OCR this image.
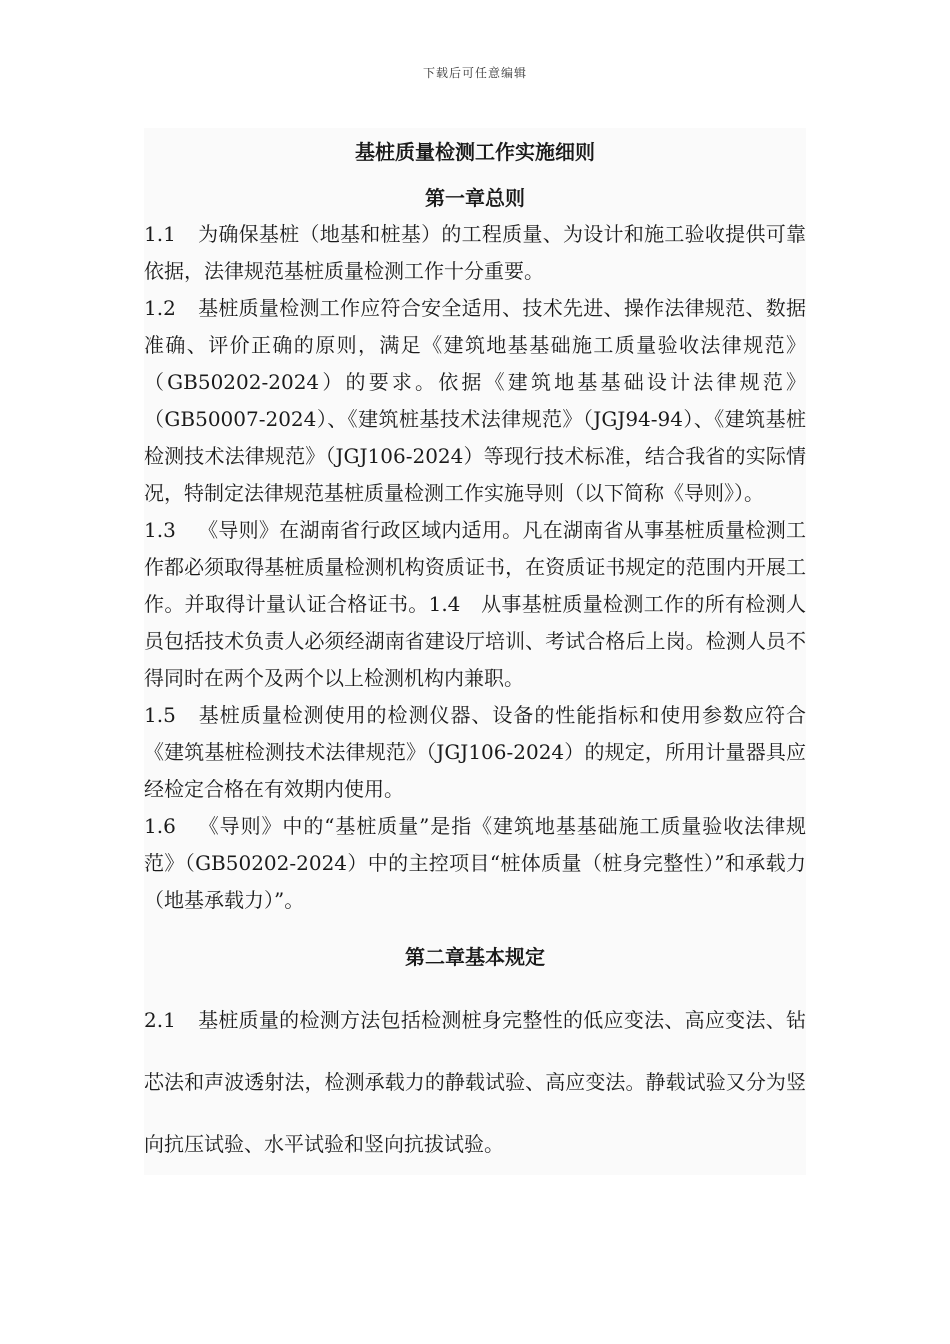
下载后可任意编辑
基桩质量检测工作实施细则
第一章总则

1.1 为确保基桩（地基和桩基）的工程质量、为设计和施工验收提供可靠依据，法律规范基桩质量检测工作十分重要。

1.2 基桩质量检测工作应符合安全适用、技术先进、操作法律规范、数据准确、评价正确的原则，满足《建筑地基基础施工质量验收法律规范》（GB50202-2024）的要求。依据《建筑地基基础设计法律规范》（GB50007-2024）、《建筑桩基技术法律规范》（JGJ94-94）、《建筑基桩检测技术法律规范》（JGJ106-2024）等现行技术标准，结合我省的实际情况，特制定法律规范基桩质量检测工作实施导则（以下简称《导则》）。

1.3 《导则》在湖南省行政区域内适用。凡在湖南省从事基桩质量检测工作都必须取得基桩质量检测机构资质证书，在资质证书规定的范围内开展工作。并取得计量认证合格证书。1.4　从事基桩质量检测工作的所有检测人员包括技术负责人必须经湖南省建设厅培训、考试合格后上岗。检测人员不得同时在两个及两个以上检测机构内兼职。

1.5 基桩质量检测使用的检测仪器、设备的性能指标和使用参数应符合《建筑基桩检测技术法律规范》（JGJ106-2024）的规定，所用计量器具应经检定合格在有效期内使用。

1.6 《导则》中的“基桩质量”是指《建筑地基基础施工质量验收法律规范》（GB50202-2024）中的主控项目“桩体质量（桩身完整性）”和承载力（地基承载力）”。

第二章基本规定

2.1 基桩质量的检测方法包括检测桩身完整性的低应变法、高应变法、钻芯法和声波透射法，检测承载力的静载试验、高应变法。静载试验又分为竖向抗压试验、水平试验和竖向抗拔试验。
